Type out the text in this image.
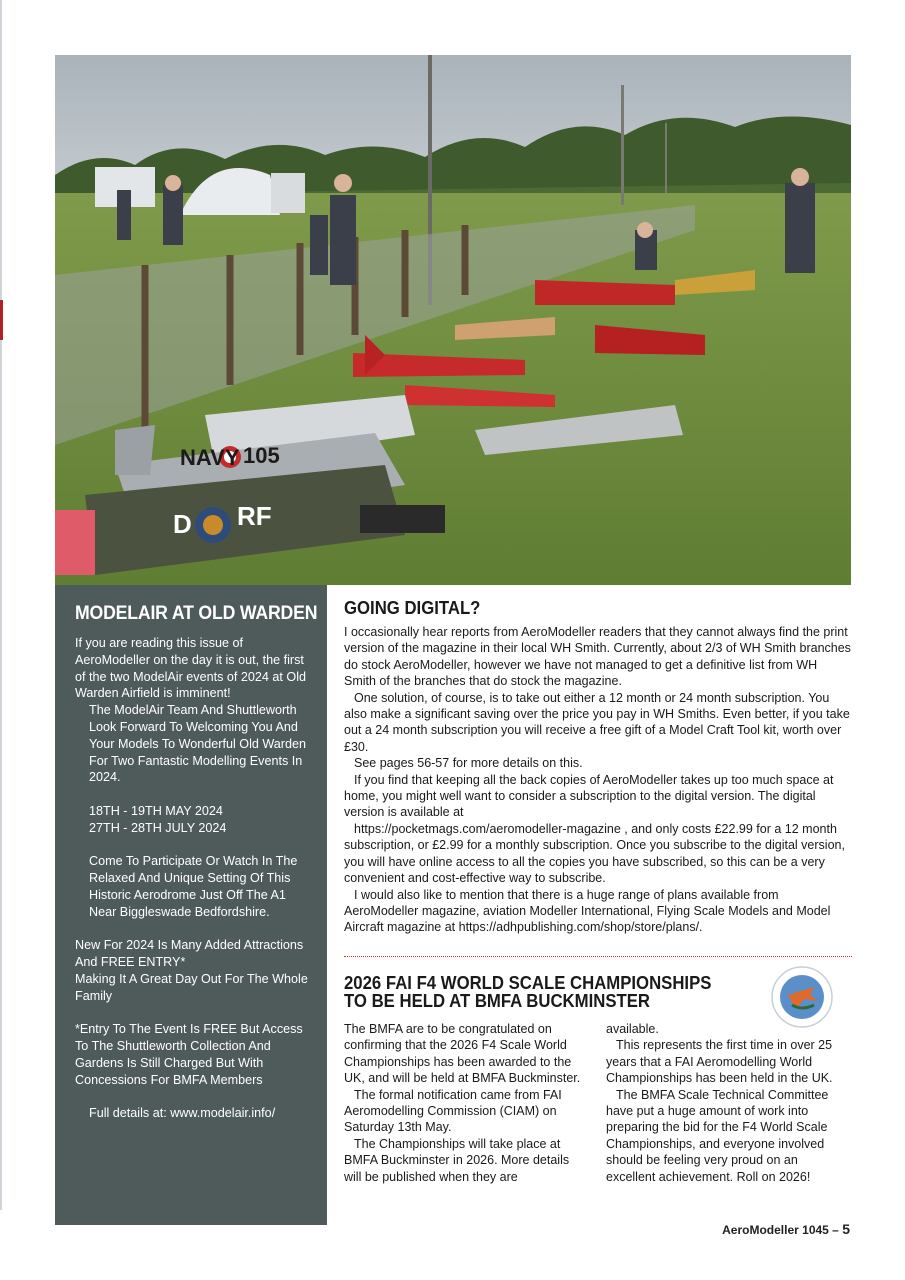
NAVY 105
D RF
MODELAIR AT OLD WARDEN

If you are reading this issue of AeroModeller on the day it is out, the first of the two ModelAir events of 2024 at Old Warden Airfield is imminent!

The ModelAir Team And Shuttleworth Look Forward To Welcoming You And Your Models To Wonderful Old Warden For Two Fantastic Modelling Events In 2024.

18TH - 19TH MAY 2024

27TH - 28TH JULY 2024

Come To Participate Or Watch In The Relaxed And Unique Setting Of This Historic Aerodrome Just Off The A1 Near Biggleswade Bedfordshire.

New For 2024 Is Many Added Attractions

And FREE ENTRY*

Making It A Great Day Out For The Whole Family

*Entry To The Event Is FREE But Access To The Shuttleworth Collection And Gardens Is Still Charged But With Concessions For BMFA Members

Full details at: www.modelair.info/

GOING DIGITAL?

I occasionally hear reports from AeroModeller readers that they cannot always find the print version of the magazine in their local WH Smith. Currently, about 2/3 of WH Smith branches do stock AeroModeller, however we have not managed to get a definitive list from WH Smith of the branches that do stock the magazine.

One solution, of course, is to take out either a 12 month or 24 month subscription. You also make a significant saving over the price you pay in WH Smiths. Even better, if you take out a 24 month subscription you will receive a free gift of a Model Craft Tool kit, worth over £30.

See pages 56-57 for more details on this.

If you find that keeping all the back copies of AeroModeller takes up too much space at home, you might well want to consider a subscription to the digital version. The digital version is available at

https://pocketmags.com/aeromodeller-magazine , and only costs £22.99 for a 12 month subscription, or £2.99 for a monthly subscription. Once you subscribe to the digital version, you will have online access to all the copies you have subscribed, so this can be a very convenient and cost-effective way to subscribe.

I would also like to mention that there is a huge range of plans available from AeroModeller magazine, aviation Modeller International, Flying Scale Models and Model Aircraft magazine at https://adhpublishing.com/shop/store/plans/.

2026 FAI F4 WORLD SCALE CHAMPIONSHIPS TO BE HELD AT BMFA BUCKMINSTER

The BMFA are to be congratulated on confirming that the 2026 F4 Scale World Championships has been awarded to the UK, and will be held at BMFA Buckminster.

The formal notification came from FAI Aeromodelling Commission (CIAM) on Saturday 13th May.

The Championships will take place at BMFA Buckminster in 2026. More details will be published when they are

available.

This represents the first time in over 25 years that a FAI Aeromodelling World Championships has been held in the UK.

The BMFA Scale Technical Committee have put a huge amount of work into preparing the bid for the F4 World Scale Championships, and everyone involved should be feeling very proud on an excellent achievement. Roll on 2026!

AeroModeller 1045 – 5
